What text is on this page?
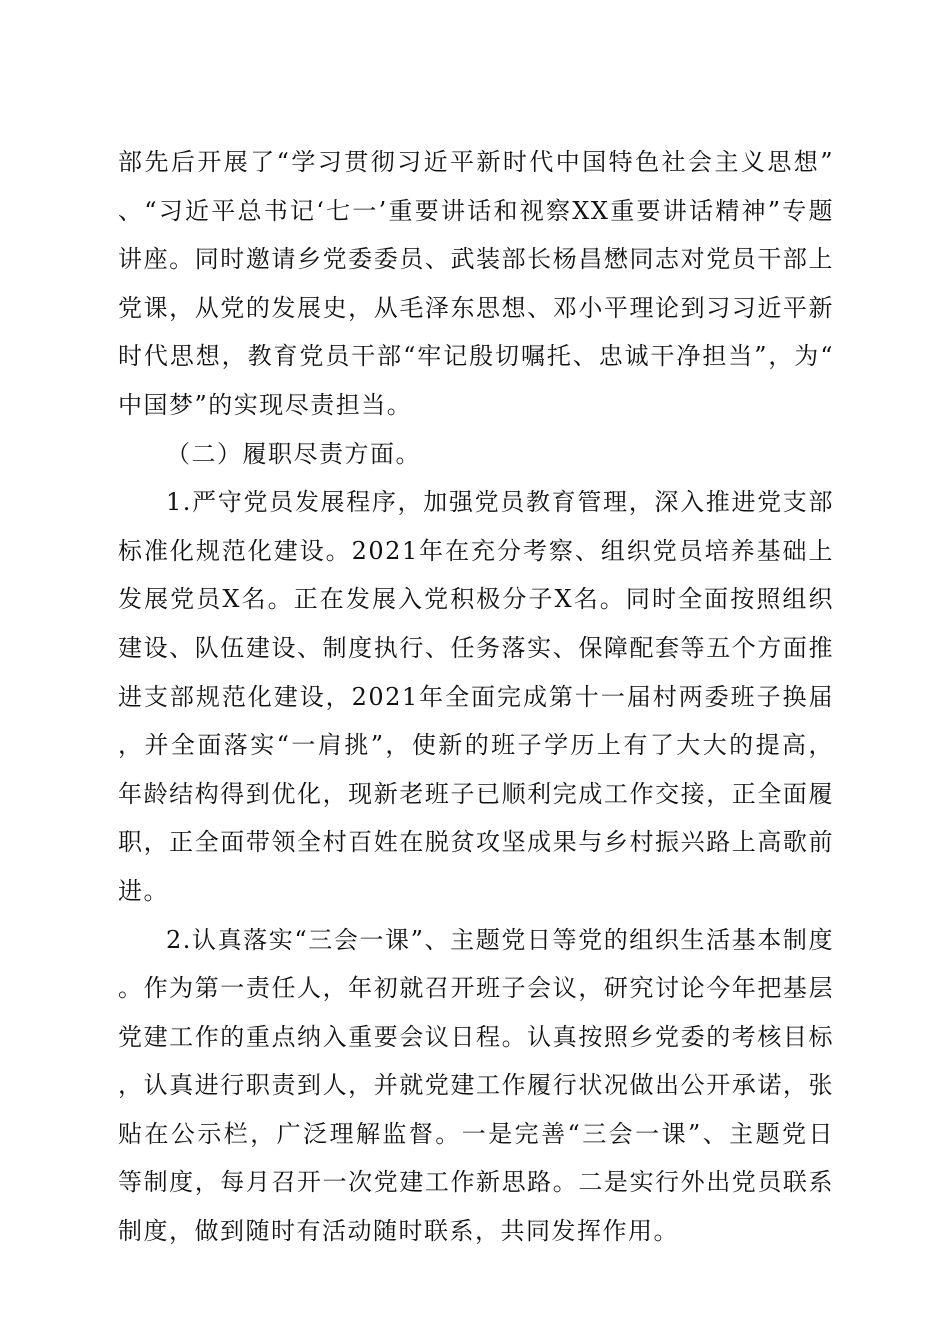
部先后开展了“学习贯彻习近平新时代中国特色社会主义思想”、“习近平总书记‘七一’重要讲话和视察XX重要讲话精神”专题讲座。同时邀请乡党委委员、武装部长杨昌懋同志对党员干部上党课，从党的发展史，从毛泽东思想、邓小平理论到习习近平新时代思想，教育党员干部“牢记殷切嘱托、忠诚干净担当”，为“中国梦”的实现尽责担当。

（二）履职尽责方面。

1.严守党员发展程序，加强党员教育管理，深入推进党支部标准化规范化建设。2021年在充分考察、组织党员培养基础上发展党员X名。正在发展入党积极分子X名。同时全面按照组织建设、队伍建设、制度执行、任务落实、保障配套等五个方面推进支部规范化建设，2021年全面完成第十一届村两委班子换届，并全面落实“一肩挑”，使新的班子学历上有了大大的提高，年龄结构得到优化，现新老班子已顺利完成工作交接，正全面履职，正全面带领全村百姓在脱贫攻坚成果与乡村振兴路上高歌前进。

2.认真落实“三会一课”、主题党日等党的组织生活基本制度。作为第一责任人，年初就召开班子会议，研究讨论今年把基层党建工作的重点纳入重要会议日程。认真按照乡党委的考核目标，认真进行职责到人，并就党建工作履行状况做出公开承诺，张贴在公示栏，广泛理解监督。一是完善“三会一课”、主题党日等制度，每月召开一次党建工作新思路。二是实行外出党员联系制度，做到随时有活动随时联系，共同发挥作用。
